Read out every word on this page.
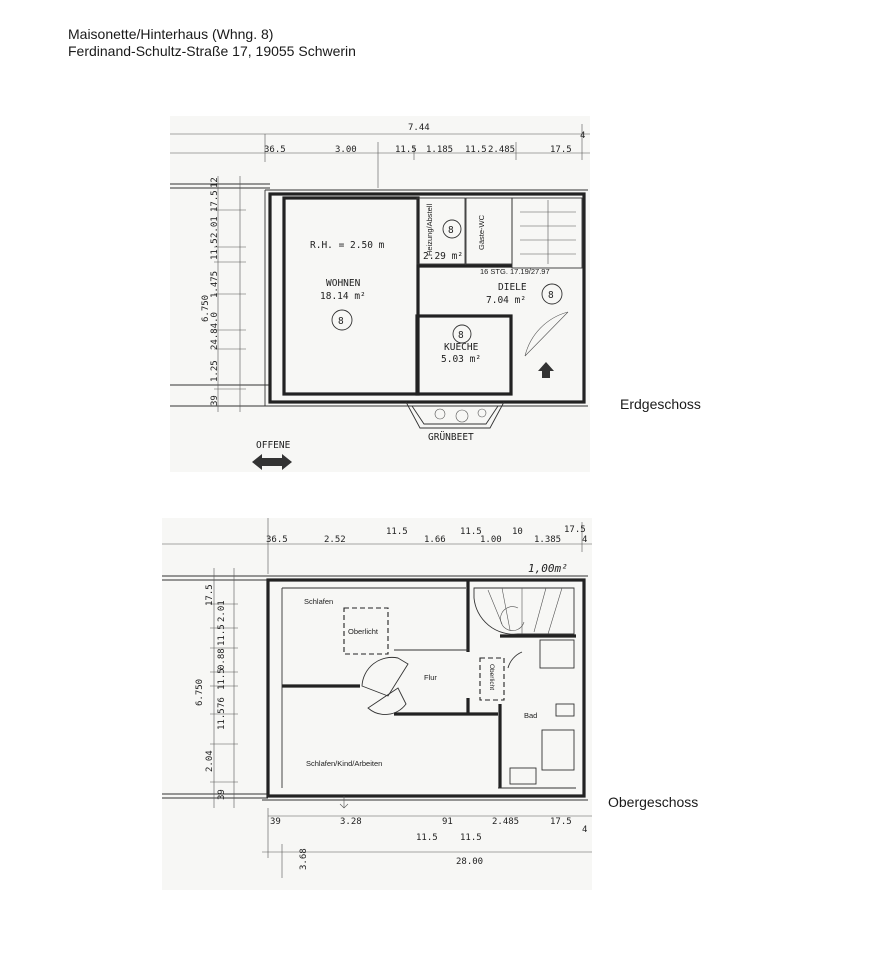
Maisonette/Hinterhaus (Whng. 8)
Ferdinand-Schultz-Straße 17, 19055 Schwerin
7.44
36.5	3.00	11.5 1.185 11.5 2.485	17.5
4
6.750
12
17.5
2.01
11.5
1.475
24.84.0
1.25
39
GRÜNBEET
OFFENE
R.H. = 2.50 m
WOHNEN
18.14 m²
8
Heizung/Abstell 8
2.29 m²
Gäste-WC
16 STG. 17.19/27.97
DIELE
7.04 m² 8
8
KUECHE
5.03 m²
Erdgeschoss
36.5	2.52
11.5
1.66
11.5
1.00
10
1.385
17.5
4
1,00m²
6.750
17.5
2.01
11.5
0.88
11.5
76
11.5
2.04
39
39	3.28
11.5
91
11.5
2.485	17.5
4
3.68	28.00
Schlafen
Oberlicht
Flur	Oberlicht
Bad
Schlafen/Kind/Arbeiten
Obergeschoss
